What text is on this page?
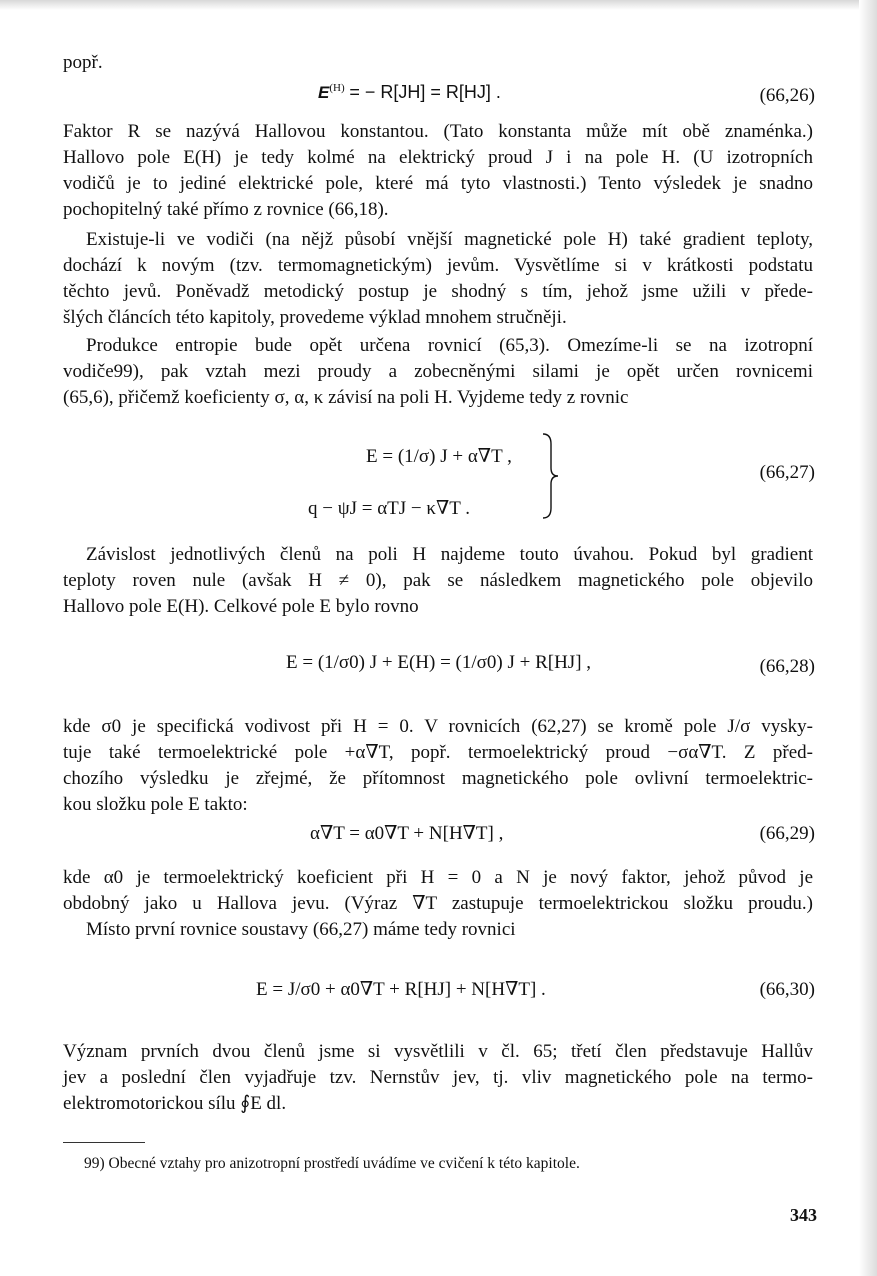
popř.
$E^{(H)}$ = − R[JH] = R[HJ] .	(66,26)
Faktor R se nazývá Hallovou konstantou. (Tato konstanta může mít obě znaménka.)
Hallovo pole E(H) je tedy kolmé na elektrický proud J i na pole H. (U izotropních
vodičů je to jediné elektrické pole, které má tyto vlastnosti.) Tento výsledek je snadno
pochopitelný také přímo z rovnice (66,18).
Existuje-li ve vodiči (na nějž působí vnější magnetické pole H) také gradient teploty,
dochází k novým (tzv. termomagnetickým) jevům. Vysvětlíme si v krátkosti podstatu
těchto jevů. Poněvadž metodický postup je shodný s tím, jehož jsme užili v přede-
šlých článcích této kapitoly, provedeme výklad mnohem stručněji.
Produkce entropie bude opět určena rovnicí (65,3). Omezíme-li se na izotropní
vodiče99), pak vztah mezi proudy a zobecněnými silami je opět určen rovnicemi
(65,6), přičemž koeficienty σ, α, κ závisí na poli H. Vyjdeme tedy z rovnic
E = (1/σ) J + α∇T ,
q − ψJ = αTJ − κ∇T .
(66,27)
Závislost jednotlivých členů na poli H najdeme touto úvahou. Pokud byl gradient
teploty roven nule (avšak H ≠ 0), pak se následkem magnetického pole objevilo
Hallovo pole E(H). Celkové pole E bylo rovno
E = (1/σ0) J + E(H) = (1/σ0) J + R[HJ] ,	(66,28)
kde σ0 je specifická vodivost při H = 0. V rovnicích (62,27) se kromě pole J/σ vysky-
tuje také termoelektrické pole +α∇T, popř. termoelektrický proud −σα∇T. Z před-
chozího výsledku je zřejmé, že přítomnost magnetického pole ovlivní termoelektric-
kou složku pole E takto:
α∇T = α0∇T + N[H∇T] ,	(66,29)
kde α0 je termoelektrický koeficient při H = 0 a N je nový faktor, jehož původ je
obdobný jako u Hallova jevu. (Výraz ∇T zastupuje termoelektrickou složku proudu.)
Místo první rovnice soustavy (66,27) máme tedy rovnici
E = J/σ0 + α0∇T + R[HJ] + N[H∇T] .	(66,30)
Význam prvních dvou členů jsme si vysvětlili v čl. 65; třetí člen představuje Hallův
jev a poslední člen vyjadřuje tzv. Nernstův jev, tj. vliv magnetického pole na termo-
elektromotorickou sílu ∮E dl.
99) Obecné vztahy pro anizotropní prostředí uvádíme ve cvičení k této kapitole.
343
